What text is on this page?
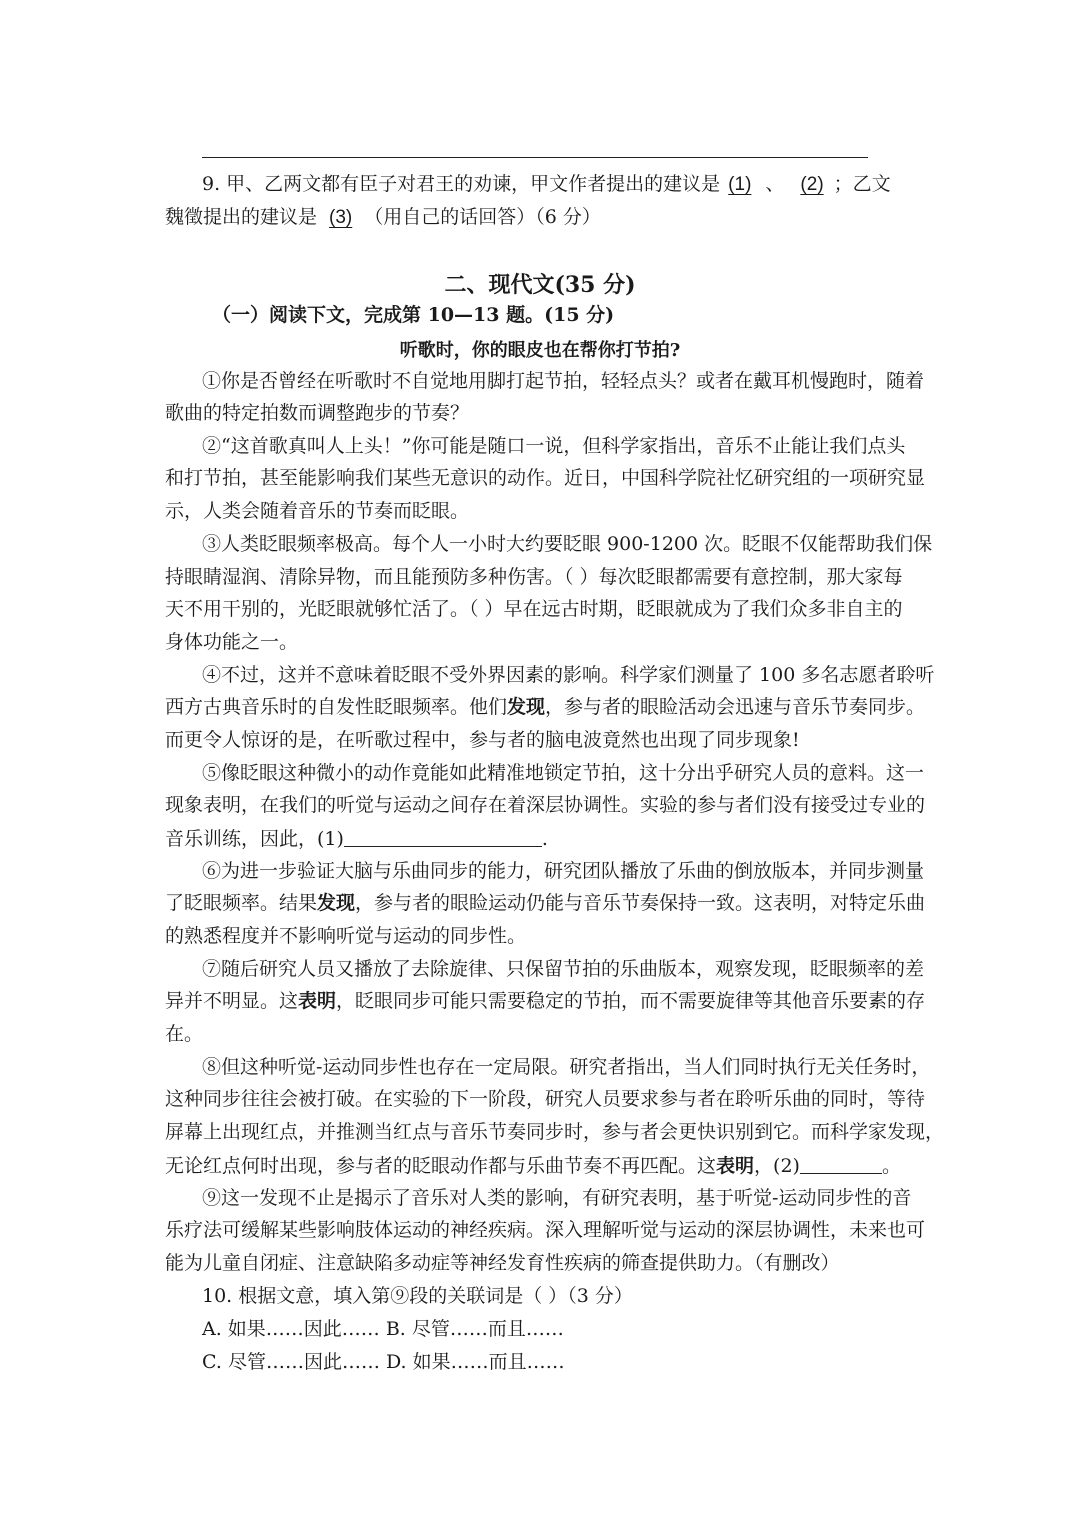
9. 甲、乙两文都有臣子对君王的劝谏，甲文作者提出的建议是 (1) 、 (2) ；乙文
魏徵提出的建议是 (3) （用自己的话回答）（6 分）
二、现代文(35 分)
（一）阅读下文，完成第 10—13 题。(15 分)
听歌时，你的眼皮也在帮你打节拍?
①你是否曾经在听歌时不自觉地用脚打起节拍，轻轻点头？或者在戴耳机慢跑时，随着
歌曲的特定拍数而调整跑步的节奏？
②“这首歌真叫人上头！”你可能是随口一说，但科学家指出，音乐不止能让我们点头
和打节拍，甚至能影响我们某些无意识的动作。近日，中国科学院社忆研究组的一项研究显
示，人类会随着音乐的节奏而眨眼。
③人类眨眼频率极高。每个人一小时大约要眨眼 900-1200 次。眨眼不仅能帮助我们保
持眼睛湿润、清除异物，而且能预防多种伤害。（ ）每次眨眼都需要有意控制，那大家每
天不用干别的，光眨眼就够忙活了。（ ）早在远古时期，眨眼就成为了我们众多非自主的
身体功能之一。
④不过，这并不意味着眨眼不受外界因素的影响。科学家们测量了 100 多名志愿者聆听
西方古典音乐时的自发性眨眼频率。他们发现，参与者的眼睑活动会迅速与音乐节奏同步。
而更令人惊讶的是，在听歌过程中，参与者的脑电波竟然也出现了同步现象!
⑤像眨眼这种微小的动作竟能如此精准地锁定节拍，这十分出乎研究人员的意料。这一
现象表明，在我们的听觉与运动之间存在着深层协调性。实验的参与者们没有接受过专业的
音乐训练，因此，(1)	.
⑥为进一步验证大脑与乐曲同步的能力，研究团队播放了乐曲的倒放版本，并同步测量
了眨眼频率。结果发现，参与者的眼睑运动仍能与音乐节奏保持一致。这表明，对特定乐曲
的熟悉程度并不影响听觉与运动的同步性。
⑦随后研究人员又播放了去除旋律、只保留节拍的乐曲版本，观察发现，眨眼频率的差
异并不明显。这表明，眨眼同步可能只需要稳定的节拍，而不需要旋律等其他音乐要素的存
在。
⑧但这种听觉-运动同步性也存在一定局限。研究者指出，当人们同时执行无关任务时，
这种同步往往会被打破。在实验的下一阶段，研究人员要求参与者在聆听乐曲的同时，等待
屏幕上出现红点，并推测当红点与音乐节奏同步时，参与者会更快识别到它。而科学家发现，
无论红点何时出现，参与者的眨眼动作都与乐曲节奏不再匹配。这表明，(2)	。
⑨这一发现不止是揭示了音乐对人类的影响，有研究表明，基于听觉-运动同步性的音
乐疗法可缓解某些影响肢体运动的神经疾病。深入理解听觉与运动的深层协调性，未来也可
能为儿童自闭症、注意缺陷多动症等神经发育性疾病的筛查提供助力。（有删改）
10. 根据文意，填入第⑨段的关联词是（ ）（3 分）
A. 如果……因此…… B. 尽管……而且……
C. 尽管……因此…… D. 如果……而且……
